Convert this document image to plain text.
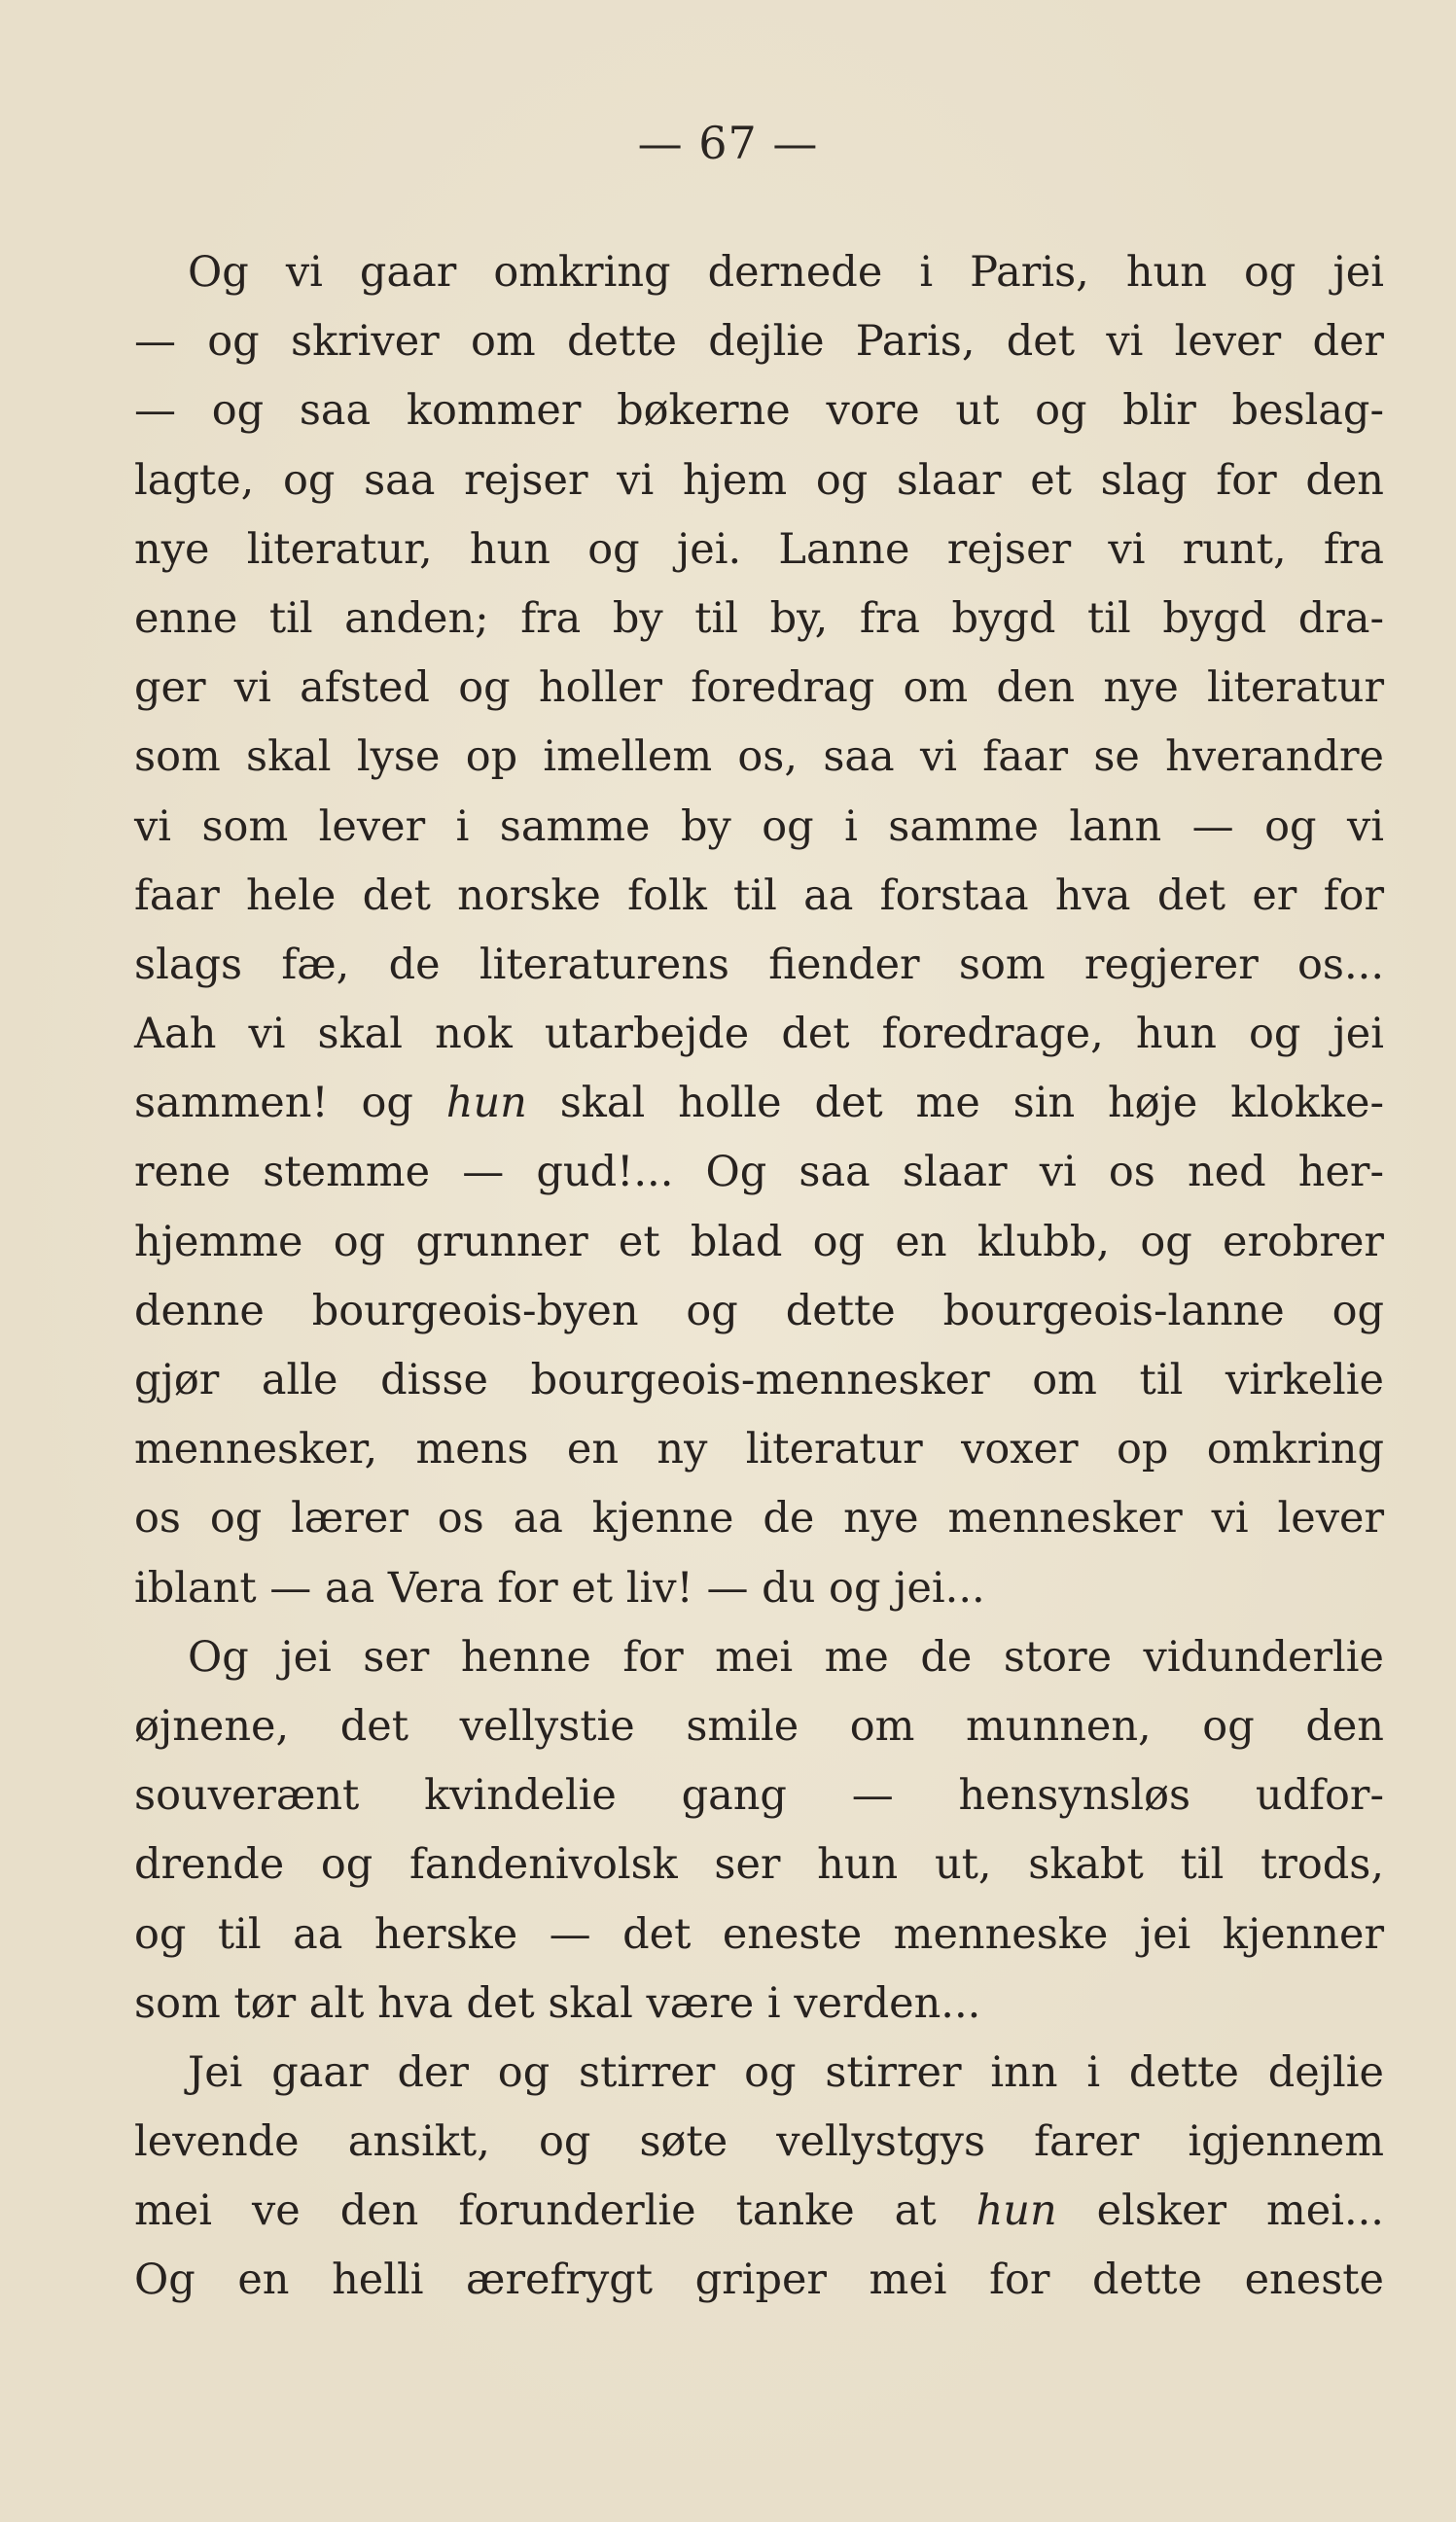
— 67 —
Og vi gaar omkring dernede i Paris, hun og jei
— og skriver om dette dejlie Paris, det vi lever der
— og saa kommer bøkerne vore ut og blir beslag-
lagte, og saa rejser vi hjem og slaar et slag for den
nye literatur, hun og jei. Lanne rejser vi runt, fra
enne til anden; fra by til by, fra bygd til bygd dra-
ger vi afsted og holler foredrag om den nye literatur
som skal lyse op imellem os, saa vi faar se hverandre
vi som lever i samme by og i samme lann — og vi
faar hele det norske folk til aa forstaa hva det er for
slags fæ, de literaturens fiender som regjerer os...
Aah vi skal nok utarbejde det foredrage, hun og jei
sammen! og hun skal holle det me sin høje klokke-
rene stemme — gud!... Og saa slaar vi os ned her-
hjemme og grunner et blad og en klubb, og erobrer
denne bourgeois-byen og dette bourgeois-lanne og
gjør alle disse bourgeois-mennesker om til virkelie
mennesker, mens en ny literatur voxer op omkring
os og lærer os aa kjenne de nye mennesker vi lever
iblant — aa Vera for et liv! — du og jei...
Og jei ser henne for mei me de store vidunderlie
øjnene, det vellystie smile om munnen, og den
souverænt kvindelie gang — hensynsløs udfor-
drende og fandenivolsk ser hun ut, skabt til trods,
og til aa herske — det eneste menneske jei kjenner
som tør alt hva det skal være i verden...
Jei gaar der og stirrer og stirrer inn i dette dejlie
levende ansikt, og søte vellystgys farer igjennem
mei ve den forunderlie tanke at hun elsker mei...
Og en helli ærefrygt griper mei for dette eneste
